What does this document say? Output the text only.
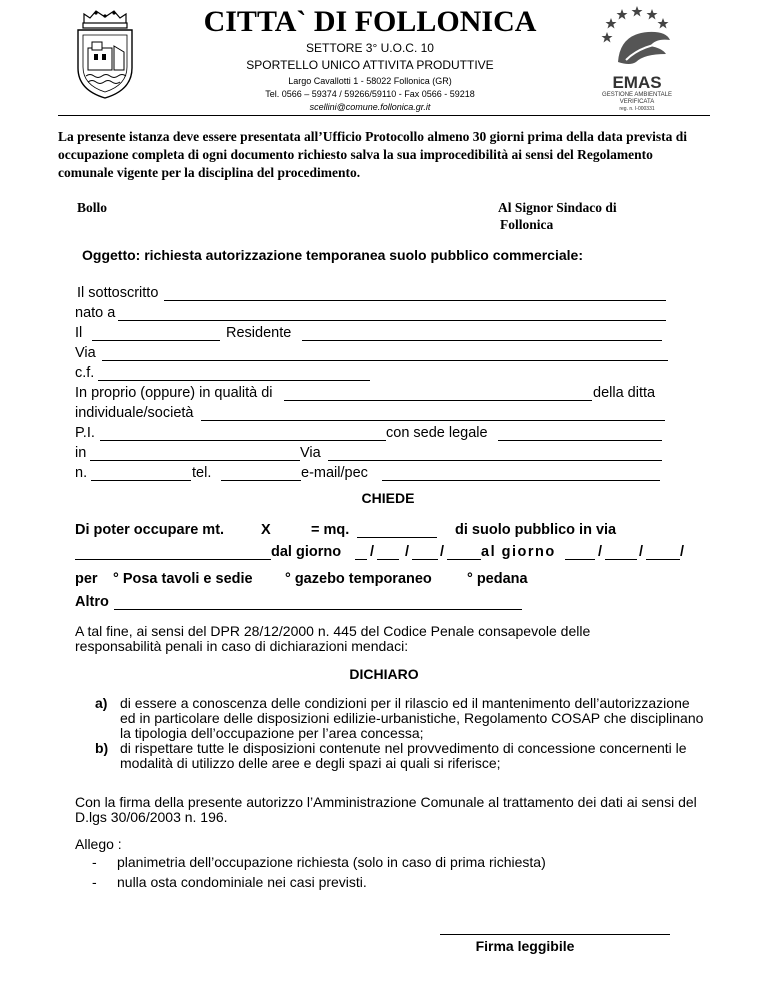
CITTA` DI FOLLONICA
SETTORE 3° U.O.C. 10
SPORTELLO UNICO ATTIVITA PRODUTTIVE
Largo Cavallotti 1 - 58022 Follonica (GR)
Tel. 0566 – 59374 / 59266/59110 - Fax 0566 - 59218
scellini@comune.follonica.gr.it
EMAS
GESTIONE AMBIENTALE
VERIFICATA
reg. n. I-000331
La presente istanza deve essere presentata all’Ufficio Protocollo almeno 30 giorni prima della data prevista di occupazione completa di ogni documento richiesto salva la sua improcedibilità ai sensi del Regolamento comunale vigente per la disciplina del procedimento.
Bollo	Al Signor Sindaco di
Follonica
Oggetto: richiesta autorizzazione temporanea suolo pubblico commerciale:
Il sottoscritto
nato a
Il	Residente
Via
c.f.
In proprio (oppure) in qualità di	della ditta
individuale/società
P.I.	con sede legale
in	Via
n.	tel.	e-mail/pec
CHIEDE
Di poter occupare mt.	X	= mq.	di suolo pubblico in via
dal giorno / / /	al giorno	/	/	/
per ° Posa tavoli e sedie ° gazebo temporaneo ° pedana
Altro
A tal fine, ai sensi del DPR 28/12/2000 n. 445 del Codice Penale consapevole delle responsabilità penali in caso di dichiarazioni mendaci:
DICHIARO
a) di essere a conoscenza delle condizioni per il rilascio ed il mantenimento dell’autorizzazione ed in particolare delle disposizioni edilizie-urbanistiche, Regolamento COSAP che disciplinano la tipologia dell’occupazione per l’area concessa;
b) di rispettare tutte le disposizioni contenute nel provvedimento di concessione concernenti le modalità di utilizzo delle aree e degli spazi ai quali si riferisce;
Con la firma della presente autorizzo l’Amministrazione Comunale al trattamento dei dati ai sensi del D.lgs 30/06/2003 n. 196.
Allego :
- planimetria dell’occupazione richiesta (solo in caso di prima richiesta)
- nulla osta condominiale nei casi previsti.
Firma leggibile
